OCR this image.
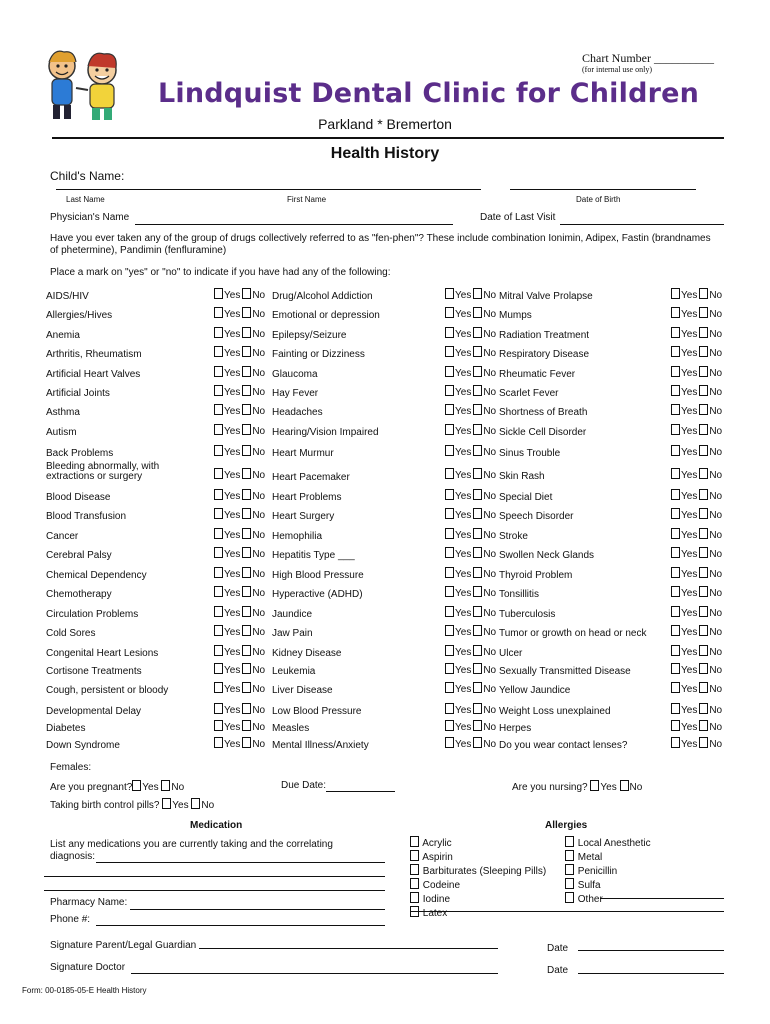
Chart Number __________
(for internal use only)
Lindquist Dental Clinic for Children
Parkland * Bremerton
Health History
Child's Name:
Last Name	First Name	Date of Birth
Physician's Name	Date of Last Visit
Have you ever taken any of the group of drugs collectively referred to as "fen-phen"? These include combination Ionimin, Adipex, Fastin (brandnames
of phetermine), Pandimin (fenfluramine)
Place a mark on "yes" or "no" to indicate if you have had any of the following:
AIDS/HIV	Yes No
Allergies/Hives	Yes No
Anemia	Yes No
Arthritis, Rheumatism	Yes No
Artificial Heart Valves	Yes No
Artificial Joints	Yes No
Asthma	Yes No
Autism	Yes No
Back Problems	Yes No
Bleeding abnormally, with extractions or surgery	Yes No
Blood Disease	Yes No
Blood Transfusion	Yes No
Cancer	Yes No
Cerebral Palsy	Yes No
Chemical Dependency	Yes No
Chemotherapy	Yes No
Circulation Problems	Yes No
Cold Sores	Yes No
Congenital Heart Lesions	Yes No
Cortisone Treatments	Yes No
Cough, persistent or bloody	Yes No
Developmental Delay	Yes No
Diabetes	Yes No
Down Syndrome	Yes No
Drug/Alcohol Addiction	Yes No
Emotional or depression	Yes No
Epilepsy/Seizure	Yes No
Fainting or Dizziness	Yes No
Glaucoma	Yes No
Hay Fever	Yes No
Headaches	Yes No
Hearing/Vision Impaired	Yes No
Heart Murmur	Yes No
Heart Pacemaker	Yes No
Heart Problems	Yes No
Heart Surgery	Yes No
Hemophilia	Yes No
Hepatitis Type ___	Yes No
High Blood Pressure	Yes No
Hyperactive (ADHD)	Yes No
Jaundice	Yes No
Jaw Pain	Yes No
Kidney Disease	Yes No
Leukemia	Yes No
Liver Disease	Yes No
Low Blood Pressure	Yes No
Measles	Yes No
Mental Illness/Anxiety	Yes No
Mitral Valve Prolapse	Yes No
Mumps	Yes No
Radiation Treatment	Yes No
Respiratory Disease	Yes No
Rheumatic Fever	Yes No
Scarlet Fever	Yes No
Shortness of Breath	Yes No
Sickle Cell Disorder	Yes No
Sinus Trouble	Yes No
Skin Rash	Yes No
Special Diet	Yes No
Speech Disorder	Yes No
Stroke	Yes No
Swollen Neck Glands	Yes No
Thyroid Problem	Yes No
Tonsillitis	Yes No
Tuberculosis	Yes No
Tumor or growth on head or neck	Yes No
Ulcer	Yes No
Sexually Transmitted Disease	Yes No
Yellow Jaundice	Yes No
Weight Loss unexplained	Yes No
Herpes	Yes No
Do you wear contact lenses?	Yes No
Females:
Are you pregnant? Yes No	Due Date:	Are you nursing? Yes No
Taking birth control pills? Yes No
Medication
List any medications you are currently taking and the correlating
diagnosis:
Pharmacy Name:
Phone #:
Allergies
Acrylic
Aspirin
Barbiturates (Sleeping Pills)
Codeine
Iodine
Latex
Local Anesthetic
Metal
Penicillin
Sulfa
Other
Signature Parent/Legal Guardian	Date
Signature Doctor	Date
Form: 00-0185-05-E Health History
